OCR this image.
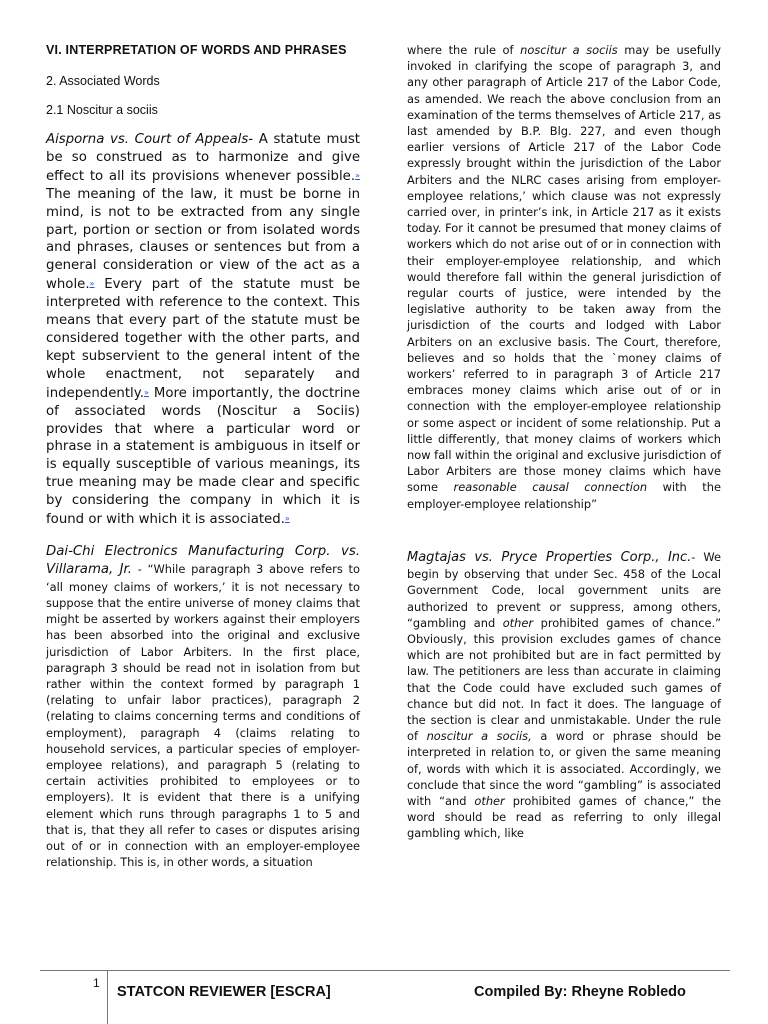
VI. INTERPRETATION OF WORDS AND PHRASES
2. Associated Words
2.1 Noscitur a sociis

Aisporna vs. Court of Appeals- A statute must be so construed as to harmonize and give effect to all its provisions whenever possible.» The meaning of the law, it must be borne in mind, is not to be extracted from any single part, portion or section or from isolated words and phrases, clauses or sentences but from a general consideration or view of the act as a whole.» Every part of the statute must be interpreted with reference to the context. This means that every part of the statute must be considered together with the other parts, and kept subservient to the general intent of the whole enactment, not separately and independently.» More importantly, the doctrine of associated words (Noscitur a Sociis) provides that where a particular word or phrase in a statement is ambiguous in itself or is equally susceptible of various meanings, its true meaning may be made clear and specific by considering the company in which it is found or with which it is associated.»

Dai-Chi Electronics Manufacturing Corp. vs. Villarama, Jr. - “While paragraph 3 above refers to ‘all money claims of workers,’ it is not necessary to suppose that the entire universe of money claims that might be asserted by workers against their employers has been absorbed into the original and exclusive jurisdiction of Labor Arbiters. In the first place, paragraph 3 should be read not in isolation from but rather within the context formed by paragraph 1 (relating to unfair labor practices), paragraph 2 (relating to claims concerning terms and conditions of employment), paragraph 4 (claims relating to household services, a particular species of employer-employee relations), and paragraph 5 (relating to certain activities prohibited to employees or to employers). It is evident that there is a unifying element which runs through paragraphs 1 to 5 and that is, that they all refer to cases or disputes arising out of or in connection with an employer-employee relationship. This is, in other words, a situation

where the rule of noscitur a sociis may be usefully invoked in clarifying the scope of paragraph 3, and any other paragraph of Article 217 of the Labor Code, as amended. We reach the above conclusion from an examination of the terms themselves of Article 217, as last amended by B.P. Blg. 227, and even though earlier versions of Article 217 of the Labor Code expressly brought within the jurisdiction of the Labor Arbiters and the NLRC cases arising from employer-employee relations,’ which clause was not expressly carried over, in printer’s ink, in Article 217 as it exists today. For it cannot be presumed that money claims of workers which do not arise out of or in connection with their employer-employee relationship, and which would therefore fall within the general jurisdiction of regular courts of justice, were intended by the legislative authority to be taken away from the jurisdiction of the courts and lodged with Labor Arbiters on an exclusive basis. The Court, therefore, believes and so holds that the `money claims of workers’ referred to in paragraph 3 of Article 217 embraces money claims which arise out of or in connection with the employer-employee relationship or some aspect or incident of some relationship. Put a little differently, that money claims of workers which now fall within the original and exclusive jurisdiction of Labor Arbiters are those money claims which have some reasonable causal connection with the employer-employee relationship”

Magtajas vs. Pryce Properties Corp., Inc.- We begin by observing that under Sec. 458 of the Local Government Code, local government units are authorized to prevent or suppress, among others, “gambling and other prohibited games of chance.” Obviously, this provision excludes games of chance which are not prohibited but are in fact permitted by law. The petitioners are less than accurate in claiming that the Code could have excluded such games of chance but did not. In fact it does. The language of the section is clear and unmistakable. Under the rule of noscitur a sociis, a word or phrase should be interpreted in relation to, or given the same meaning of, words with which it is associated. Accordingly, we conclude that since the word “gambling” is associated with “and other prohibited games of chance,” the word should be read as referring to only illegal gambling which, like

1
STATCON REVIEWER [ESCRA]	Compiled By: Rheyne Robledo
